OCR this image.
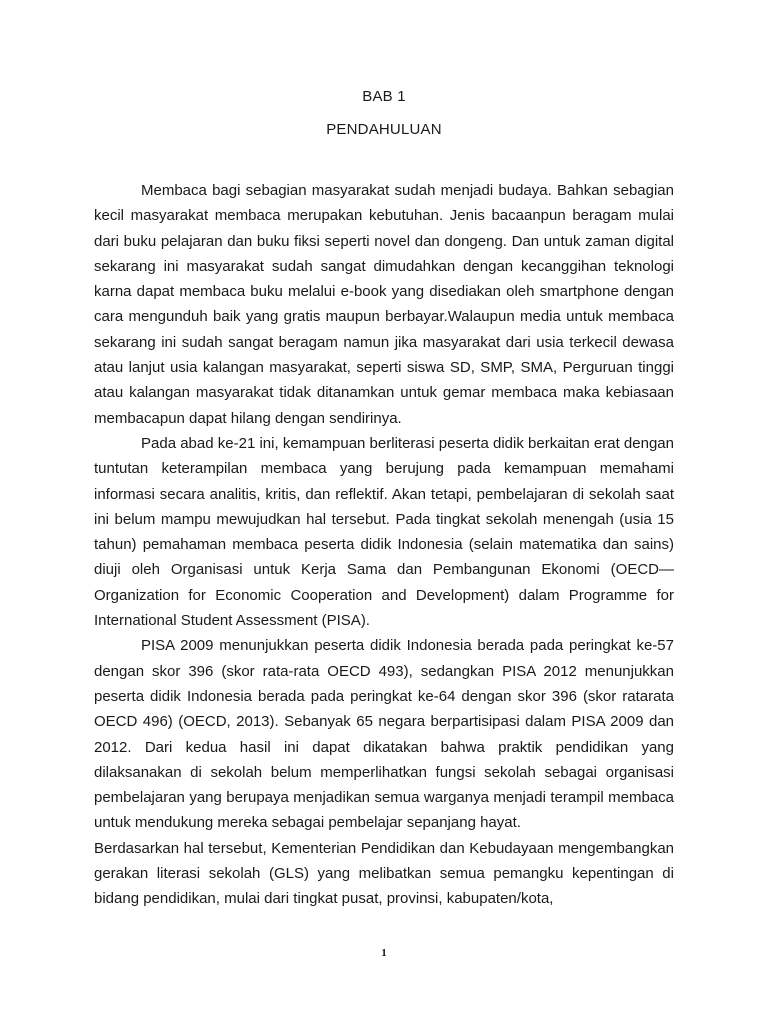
BAB 1
PENDAHULUAN

Membaca bagi sebagian masyarakat sudah menjadi budaya. Bahkan sebagian kecil masyarakat membaca merupakan kebutuhan. Jenis bacaanpun beragam mulai dari buku pelajaran dan buku fiksi seperti novel dan dongeng. Dan untuk zaman digital sekarang ini masyarakat sudah sangat dimudahkan dengan kecanggihan teknologi karna dapat membaca buku melalui e-book yang disediakan oleh smartphone dengan cara mengunduh baik yang gratis maupun berbayar.Walaupun media untuk membaca sekarang ini sudah sangat beragam namun jika masyarakat dari usia terkecil dewasa atau lanjut usia kalangan masyarakat, seperti siswa SD, SMP, SMA, Perguruan tinggi atau kalangan masyarakat tidak ditanamkan untuk gemar membaca maka kebiasaan membacapun dapat hilang dengan sendirinya.

Pada abad ke-21 ini, kemampuan berliterasi peserta didik berkaitan erat dengan tuntutan keterampilan membaca yang berujung pada kemampuan memahami informasi secara analitis, kritis, dan reflektif. Akan tetapi, pembelajaran di sekolah saat ini belum mampu mewujudkan hal tersebut. Pada tingkat sekolah menengah (usia 15 tahun) pemahaman membaca peserta didik Indonesia (selain matematika dan sains) diuji oleh Organisasi untuk Kerja Sama dan Pembangunan Ekonomi (OECD—Organization for Economic Cooperation and Development) dalam Programme for International Student Assessment (PISA).

PISA 2009 menunjukkan peserta didik Indonesia berada pada peringkat ke-57 dengan skor 396 (skor rata-rata OECD 493), sedangkan PISA 2012 menunjukkan peserta didik Indonesia berada pada peringkat ke-64 dengan skor 396 (skor ratarata OECD 496) (OECD, 2013). Sebanyak 65 negara berpartisipasi dalam PISA 2009 dan 2012. Dari kedua hasil ini dapat dikatakan bahwa praktik pendidikan yang dilaksanakan di sekolah belum memperlihatkan fungsi sekolah sebagai organisasi pembelajaran yang berupaya menjadikan semua warganya menjadi terampil membaca untuk mendukung mereka sebagai pembelajar sepanjang hayat.

Berdasarkan hal tersebut, Kementerian Pendidikan dan Kebudayaan mengembangkan gerakan literasi sekolah (GLS) yang melibatkan semua pemangku kepentingan di bidang pendidikan, mulai dari tingkat pusat, provinsi, kabupaten/kota,

1
